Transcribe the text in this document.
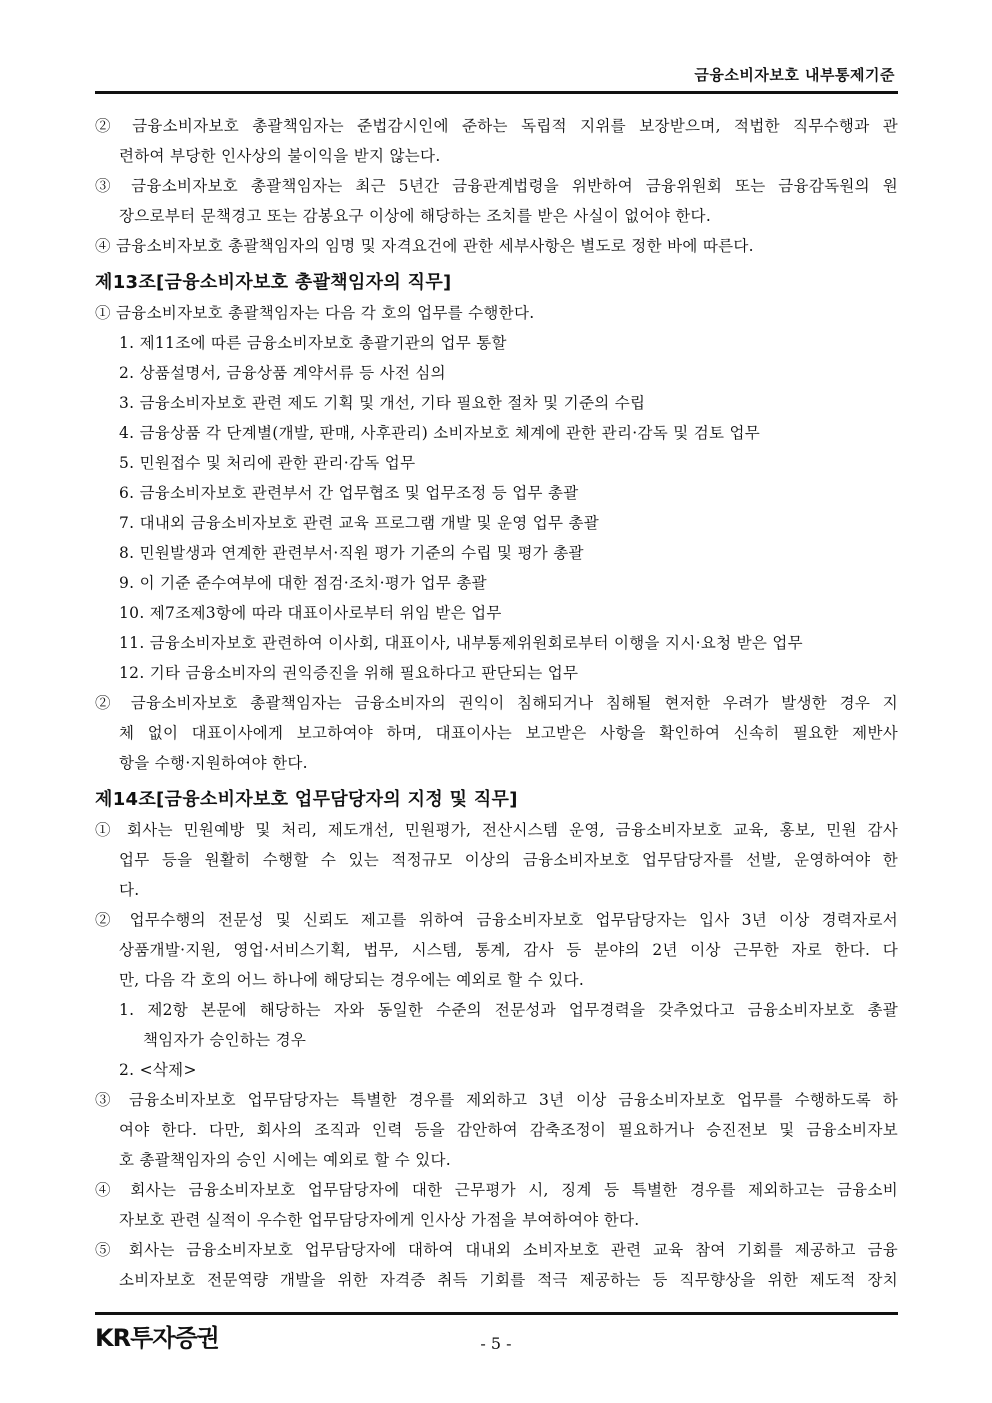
금융소비자보호 내부통제기준
② 금융소비자보호 총괄책임자는 준법감시인에 준하는 독립적 지위를 보장받으며, 적법한 직무수행과 관
련하여 부당한 인사상의 불이익을 받지 않는다.
③ 금융소비자보호 총괄책임자는 최근 5년간 금융관계법령을 위반하여 금융위원회 또는 금융감독원의 원
장으로부터 문책경고 또는 감봉요구 이상에 해당하는 조치를 받은 사실이 없어야 한다.
④ 금융소비자보호 총괄책임자의 임명 및 자격요건에 관한 세부사항은 별도로 정한 바에 따른다.
제13조[금융소비자보호 총괄책임자의 직무]
① 금융소비자보호 총괄책임자는 다음 각 호의 업무를 수행한다.
1. 제11조에 따른 금융소비자보호 총괄기관의 업무 통할
2. 상품설명서, 금융상품 계약서류 등 사전 심의
3. 금융소비자보호 관련 제도 기획 및 개선, 기타 필요한 절차 및 기준의 수립
4. 금융상품 각 단계별(개발, 판매, 사후관리) 소비자보호 체계에 관한 관리·감독 및 검토 업무
5. 민원접수 및 처리에 관한 관리·감독 업무
6. 금융소비자보호 관련부서 간 업무협조 및 업무조정 등 업무 총괄
7. 대내외 금융소비자보호 관련 교육 프로그램 개발 및 운영 업무 총괄
8. 민원발생과 연계한 관련부서·직원 평가 기준의 수립 및 평가 총괄
9. 이 기준 준수여부에 대한 점검·조치·평가 업무 총괄
10. 제7조제3항에 따라 대표이사로부터 위임 받은 업무
11. 금융소비자보호 관련하여 이사회, 대표이사, 내부통제위원회로부터 이행을 지시·요청 받은 업무
12. 기타 금융소비자의 권익증진을 위해 필요하다고 판단되는 업무
② 금융소비자보호 총괄책임자는 금융소비자의 권익이 침해되거나 침해될 현저한 우려가 발생한 경우 지
체 없이 대표이사에게 보고하여야 하며, 대표이사는 보고받은 사항을 확인하여 신속히 필요한 제반사
항을 수행·지원하여야 한다.
제14조[금융소비자보호 업무담당자의 지정 및 직무]
① 회사는 민원예방 및 처리, 제도개선, 민원평가, 전산시스템 운영, 금융소비자보호 교육, 홍보, 민원 감사
업무 등을 원활히 수행할 수 있는 적정규모 이상의 금융소비자보호 업무담당자를 선발, 운영하여야 한
다.
② 업무수행의 전문성 및 신뢰도 제고를 위하여 금융소비자보호 업무담당자는 입사 3년 이상 경력자로서
상품개발·지원, 영업·서비스기획, 법무, 시스템, 통계, 감사 등 분야의 2년 이상 근무한 자로 한다. 다
만, 다음 각 호의 어느 하나에 해당되는 경우에는 예외로 할 수 있다.
1. 제2항 본문에 해당하는 자와 동일한 수준의 전문성과 업무경력을 갖추었다고 금융소비자보호 총괄
책임자가 승인하는 경우
2. <삭제>
③ 금융소비자보호 업무담당자는 특별한 경우를 제외하고 3년 이상 금융소비자보호 업무를 수행하도록 하
여야 한다. 다만, 회사의 조직과 인력 등을 감안하여 감축조정이 필요하거나 승진전보 및 금융소비자보
호 총괄책임자의 승인 시에는 예외로 할 수 있다.
④ 회사는 금융소비자보호 업무담당자에 대한 근무평가 시, 징계 등 특별한 경우를 제외하고는 금융소비
자보호 관련 실적이 우수한 업무담당자에게 인사상 가점을 부여하여야 한다.
⑤ 회사는 금융소비자보호 업무담당자에 대하여 대내외 소비자보호 관련 교육 참여 기회를 제공하고 금융
소비자보호 전문역량 개발을 위한 자격증 취득 기회를 적극 제공하는 등 직무향상을 위한 제도적 장치
KR투자증권	- 5 -
